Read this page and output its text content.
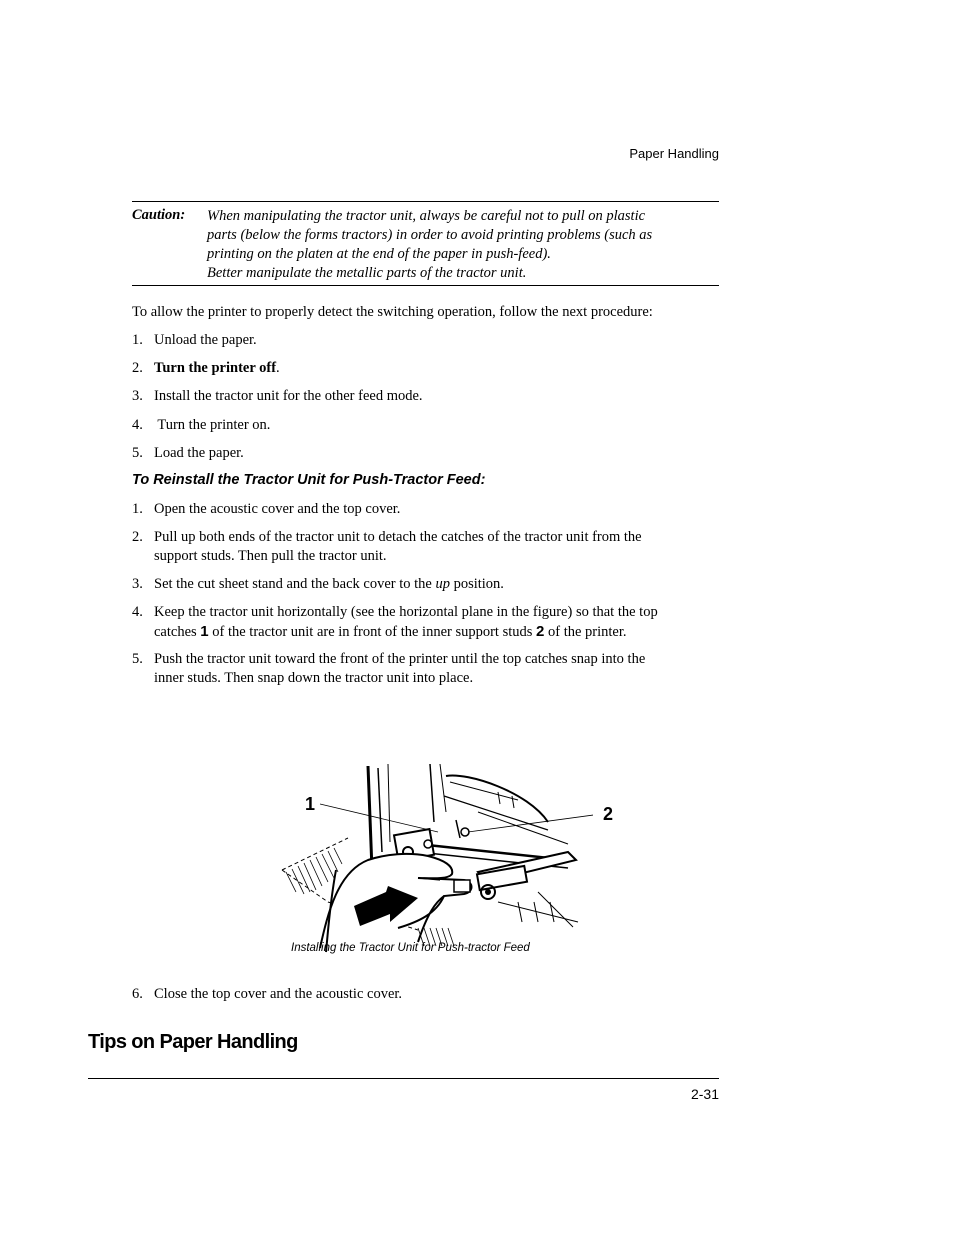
Paper Handling
Caution: When manipulating the tractor unit, always be careful not to pull on plastic
parts (below the forms tractors) in order to avoid printing problems (such as
printing on the platen at the end of the paper in push-feed).
Better manipulate the metallic parts of the tractor unit.
To allow the printer to properly detect the switching operation, follow the next procedure:
1. Unload the paper.
2. Turn the printer off.
3. Install the tractor unit for the other feed mode.
4. Turn the printer on.
5. Load the paper.
To Reinstall the Tractor Unit for Push-Tractor Feed:
1. Open the acoustic cover and the top cover.
2. Pull up both ends of the tractor unit to detach the catches of the tractor unit from the
support studs. Then pull the tractor unit.
3. Set the cut sheet stand and the back cover to the up position.
4. Keep the tractor unit horizontally (see the horizontal plane in the figure) so that the top
catches 1 of the tractor unit are in front of the inner support studs 2 of the printer.
5. Push the tractor unit toward the front of the printer until the top catches snap into the
inner studs. Then snap down the tractor unit into place.
1	2
Installing the Tractor Unit for Push-tractor Feed
6. Close the top cover and the acoustic cover.
Tips on Paper Handling
2-31
